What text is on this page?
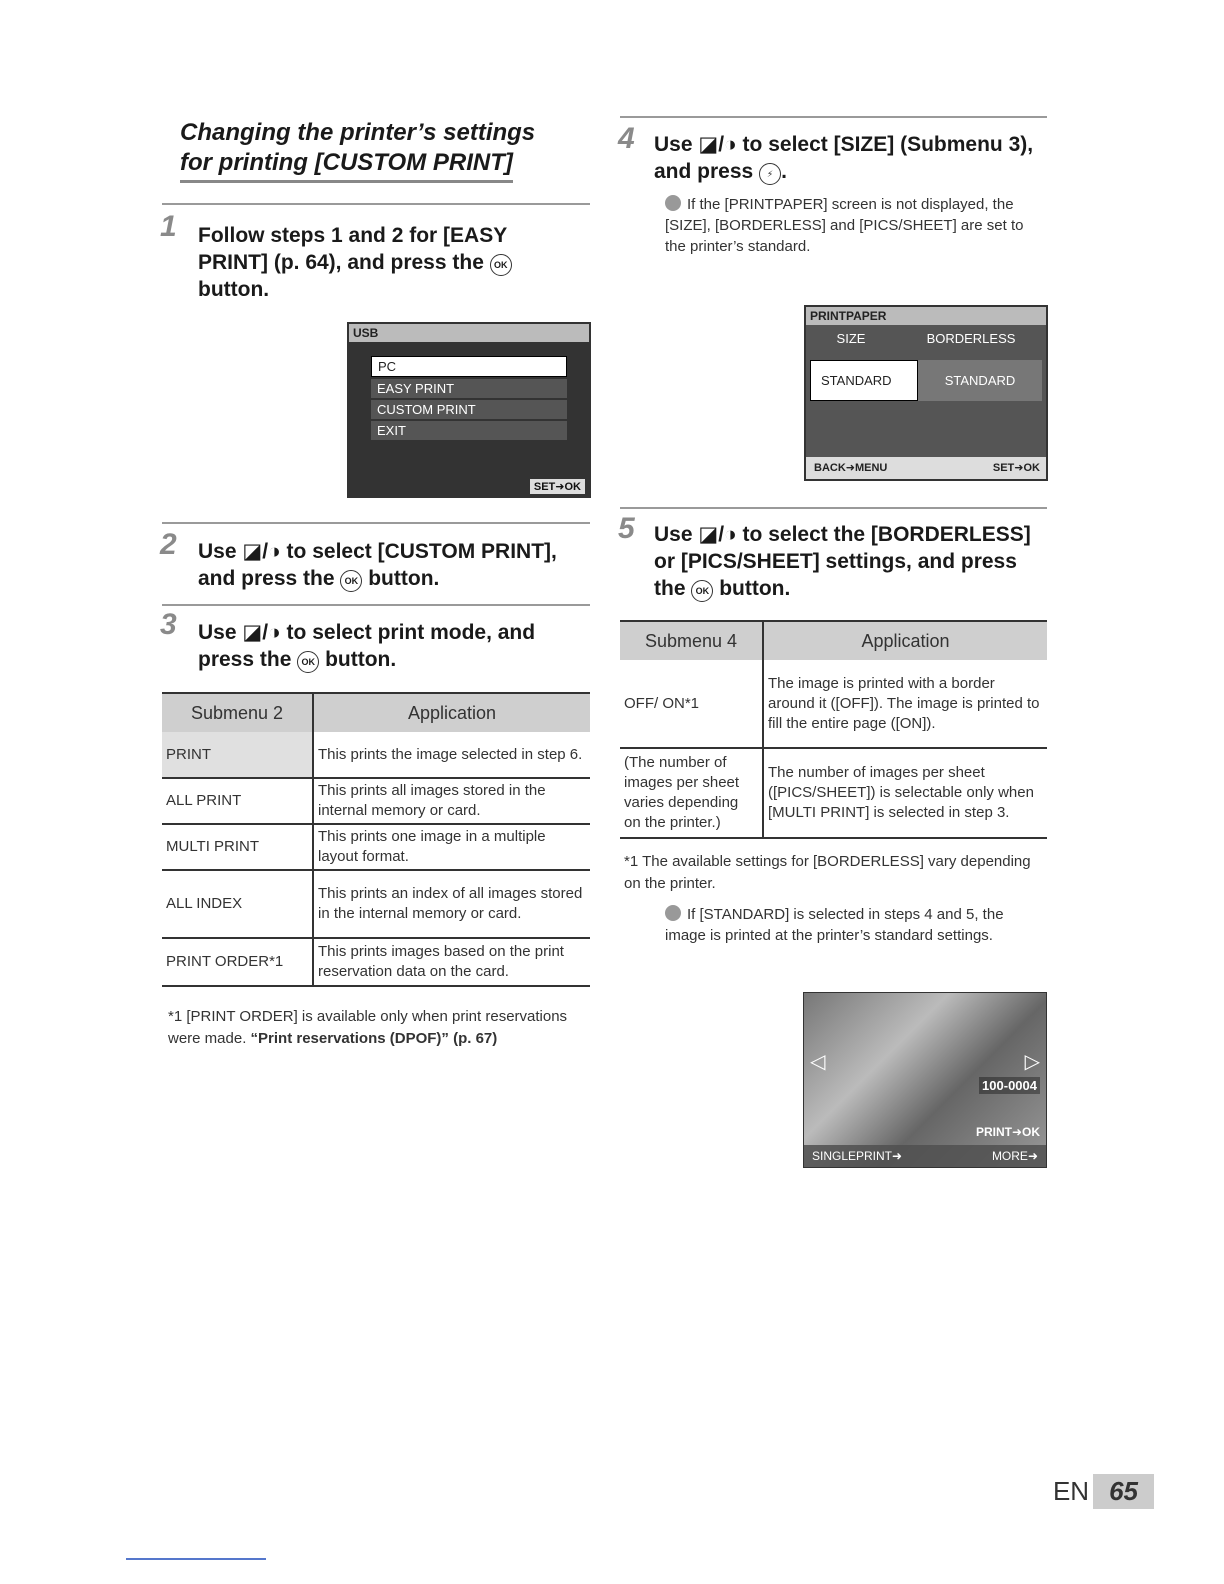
Changing the printer’s settings
for printing [CUSTOM PRINT]
1 Follow steps 1 and 2 for [EASY PRINT] (p. 64), and press the OK button.
USB
PC
EASY PRINT
CUSTOM PRINT
EXIT
SET➜OK
2 Use ◪/◑ to select [CUSTOM PRINT], and press the OK button.
3 Use ◪/◑ to select print mode, and press the OK button.
Submenu 2	Application
PRINT	This prints the image selected in step 6.
ALL PRINT	This prints all images stored in the internal memory or card.
MULTI PRINT	This prints one image in a multiple layout format.
ALL INDEX	This prints an index of all images stored in the internal memory or card.
PRINT ORDER*1	This prints images based on the print reservation data on the card.
*1 [PRINT ORDER] is available only when print reservations were made. “Print reservations (DPOF)” (p. 67)
4 Use ◪/◑ to select [SIZE] (Submenu 3), and press ⚡ .
If the [PRINTPAPER] screen is not displayed, the [SIZE], [BORDERLESS] and [PICS/SHEET] are set to the printer’s standard.
PRINTPAPER
SIZE	BORDERLESS
STANDARD	STANDARD
BACK➜MENU	SET➜OK
5 Use ◪/◑ to select the [BORDERLESS] or [PICS/SHEET] settings, and press the OK button.
Submenu 4	Application
OFF/ ON*1	The image is printed with a border around it ([OFF]). The image is printed to fill the entire page ([ON]).
(The number of images per sheet varies depending on the printer.)	The number of images per sheet ([PICS/SHEET]) is selectable only when [MULTI PRINT] is selected in step 3.
*1 The available settings for [BORDERLESS] vary depending on the printer.
If [STANDARD] is selected in steps 4 and 5, the image is printed at the printer’s standard settings.
100-0004
◁	▷
PRINT➜OK
SINGLEPRINT➜	MORE➜
EN 65
